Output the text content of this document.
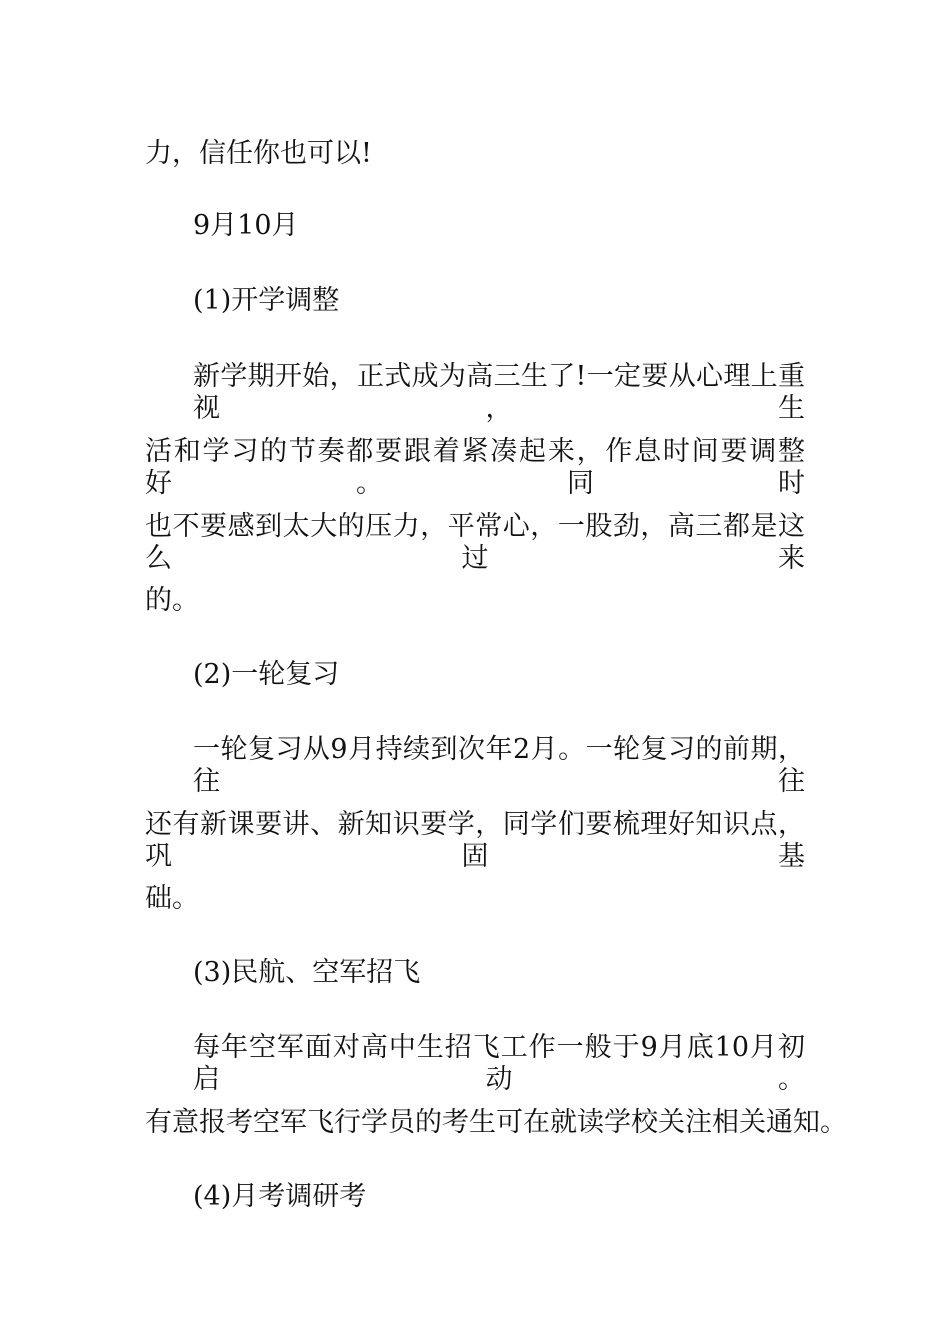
力，信任你也可以!
9月10月
(1)开学调整
新学期开始，正式成为高三生了!一定要从心理上重视，生
活和学习的节奏都要跟着紧凑起来，作息时间要调整好。同时
也不要感到太大的压力，平常心，一股劲，高三都是这么过来
的。
(2)一轮复习
一轮复习从9月持续到次年2月。一轮复习的前期，往往
还有新课要讲、新知识要学，同学们要梳理好知识点，巩固基
础。
(3)民航、空军招飞
每年空军面对高中生招飞工作一般于9月底10月初启动。
有意报考空军飞行学员的考生可在就读学校关注相关通知。
(4)月考调研考
